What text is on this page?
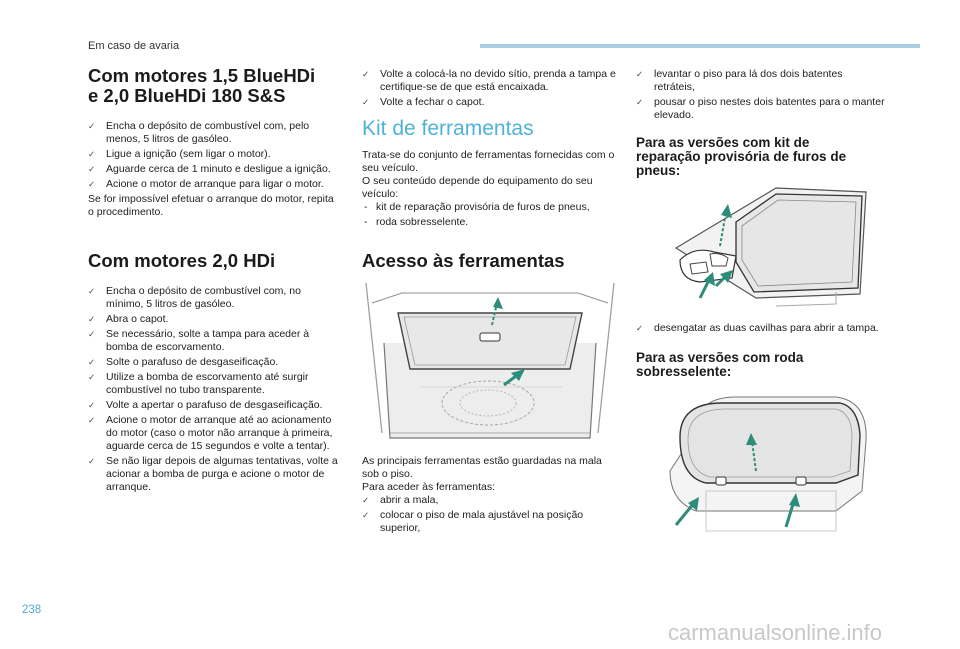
Em caso de avaria
Com motores 1,5 BlueHDi e 2,0 BlueHDi 180 S&S
✓ Encha o depósito de combustível com, pelo menos, 5 litros de gasóleo.
✓ Ligue a ignição (sem ligar o motor).
✓ Aguarde cerca de 1 minuto e desligue a ignição.
✓ Acione o motor de arranque para ligar o motor.

Se for impossível efetuar o arranque do motor, repita o procedimento.

Com motores 2,0 HDi
✓ Encha o depósito de combustível com, no mínimo, 5 litros de gasóleo.
✓ Abra o capot.
✓ Se necessário, solte a tampa para aceder à bomba de escorvamento.
✓ Solte o parafuso de desgaseificação.
✓ Utilize a bomba de escorvamento até surgir combustível no tubo transparente.
✓ Volte a apertar o parafuso de desgaseificação.
✓ Acione o motor de arranque até ao acionamento do motor (caso o motor não arranque à primeira, aguarde cerca de 15 segundos e volte a tentar).
✓ Se não ligar depois de algumas tentativas, volte a acionar a bomba de purga e acione o motor de arranque.
✓ Volte a colocá-la no devido sítio, prenda a tampa e certifique-se de que está encaixada.
✓ Volte a fechar o capot.
Kit de ferramentas

Trata-se do conjunto de ferramentas fornecidas com o seu veículo.

O seu conteúdo depende do equipamento do seu veículo:

- kit de reparação provisória de furos de pneus,
- roda sobresselente.
Acesso às ferramentas

As principais ferramentas estão guardadas na mala sob o piso.

Para aceder às ferramentas:

✓ abrir a mala,
✓ colocar o piso de mala ajustável na posição superior,
✓ levantar o piso para lá dos dois batentes retráteis,
✓ pousar o piso nestes dois batentes para o manter elevado.
Para as versões com kit de reparação provisória de furos de pneus:
✓ desengatar as duas cavilhas para abrir a tampa.
Para as versões com roda sobresselente:
238
carmanualsonline.info
